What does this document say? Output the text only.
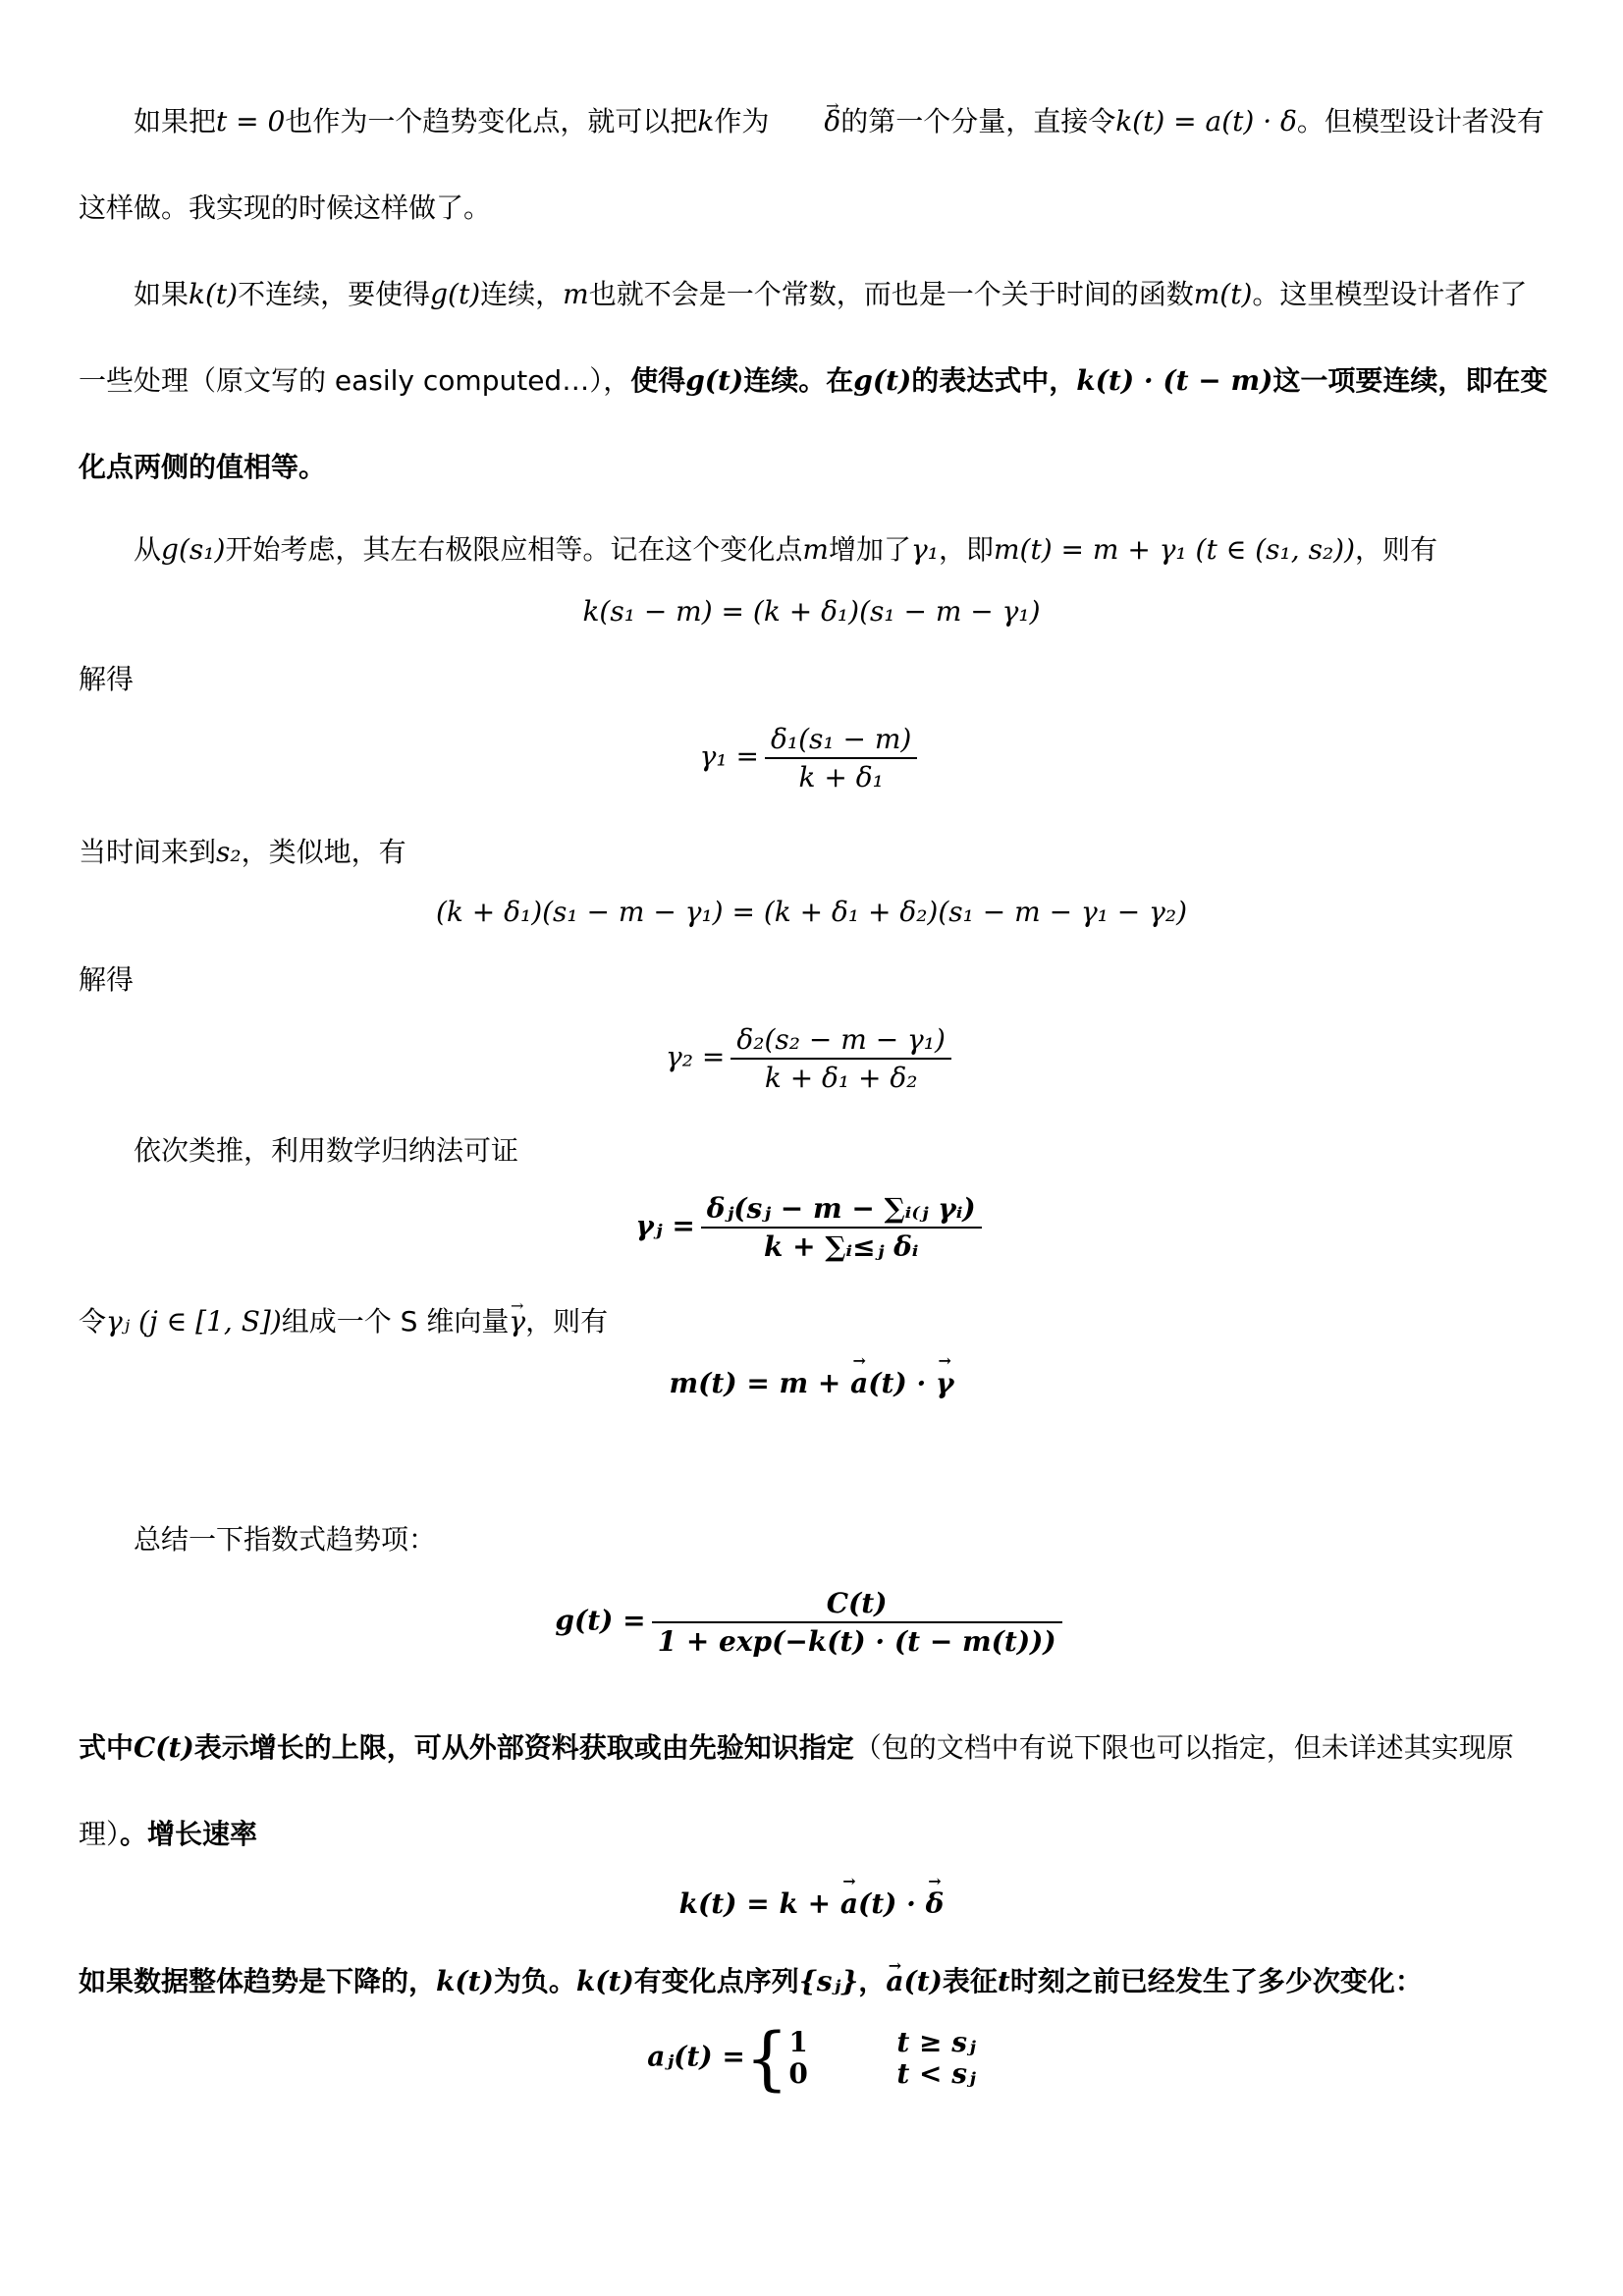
如果把t = 0也作为一个趋势变化点，就可以把k作为→ δ的第一个分量，直接令k(t) = a(t) · δ。但模型设计者没有这样做。我实现的时候这样做了。

如果k(t)不连续，要使得g(t)连续，m也就不会是一个常数，而也是一个关于时间的函数m(t)。这里模型设计者作了一些处理（原文写的 easily computed…），使得g(t)连续。在g(t)的表达式中，k(t) · (t − m)这一项要连续，即在变化点两侧的值相等。

从g(s₁)开始考虑，其左右极限应相等。记在这个变化点m增加了γ₁，即m(t) = m + γ₁ (t ∈ (s₁, s₂))，则有
k(s₁ − m) = (k + δ₁)(s₁ − m − γ₁)
解得
$\gamma_1 = \frac{\text{δ₁(s₁ − m)}}{\text{k + δ₁}}$
当时间来到s₂，类似地，有
(k + δ₁)(s₁ − m − γ₁) = (k + δ₁ + δ₂)(s₁ − m − γ₁ − γ₂)
解得
$\gamma_2 = \frac{\text{δ₂(s₂ − m − γ₁)}}{\text{k + δ₁ + δ₂}}$
依次类推，利用数学归纳法可证
γⱼ = $\frac{\text{δⱼ(sⱼ − m − ∑ᵢ₍ⱼ γᵢ)}}{\text{k + ∑ᵢ≤ⱼ δᵢ}}$
令γⱼ (j ∈ [1, S])组成一个 S 维向量→ γ，则有
m(t) = m + → a(t) · → γ
总结一下指数式趋势项：
$g(t) = \frac{C(t)}{1 + \exp(-k(t) \cdot (t - m(t)))}$

式中C(t)表示增长的上限，可从外部资料获取或由先验知识指定（包的文档中有说下限也可以指定，但未详述其实现原理）。增长速率

k(t) = k + → a(t) · → δ
如果数据整体趋势是下降的，k(t)为负。k(t)有变化点序列{sⱼ}，→ a(t)表征t时刻之前已经发生了多少次变化：
aⱼ(t) ={ 1	t ≥ sⱼ
0	t < sⱼ
